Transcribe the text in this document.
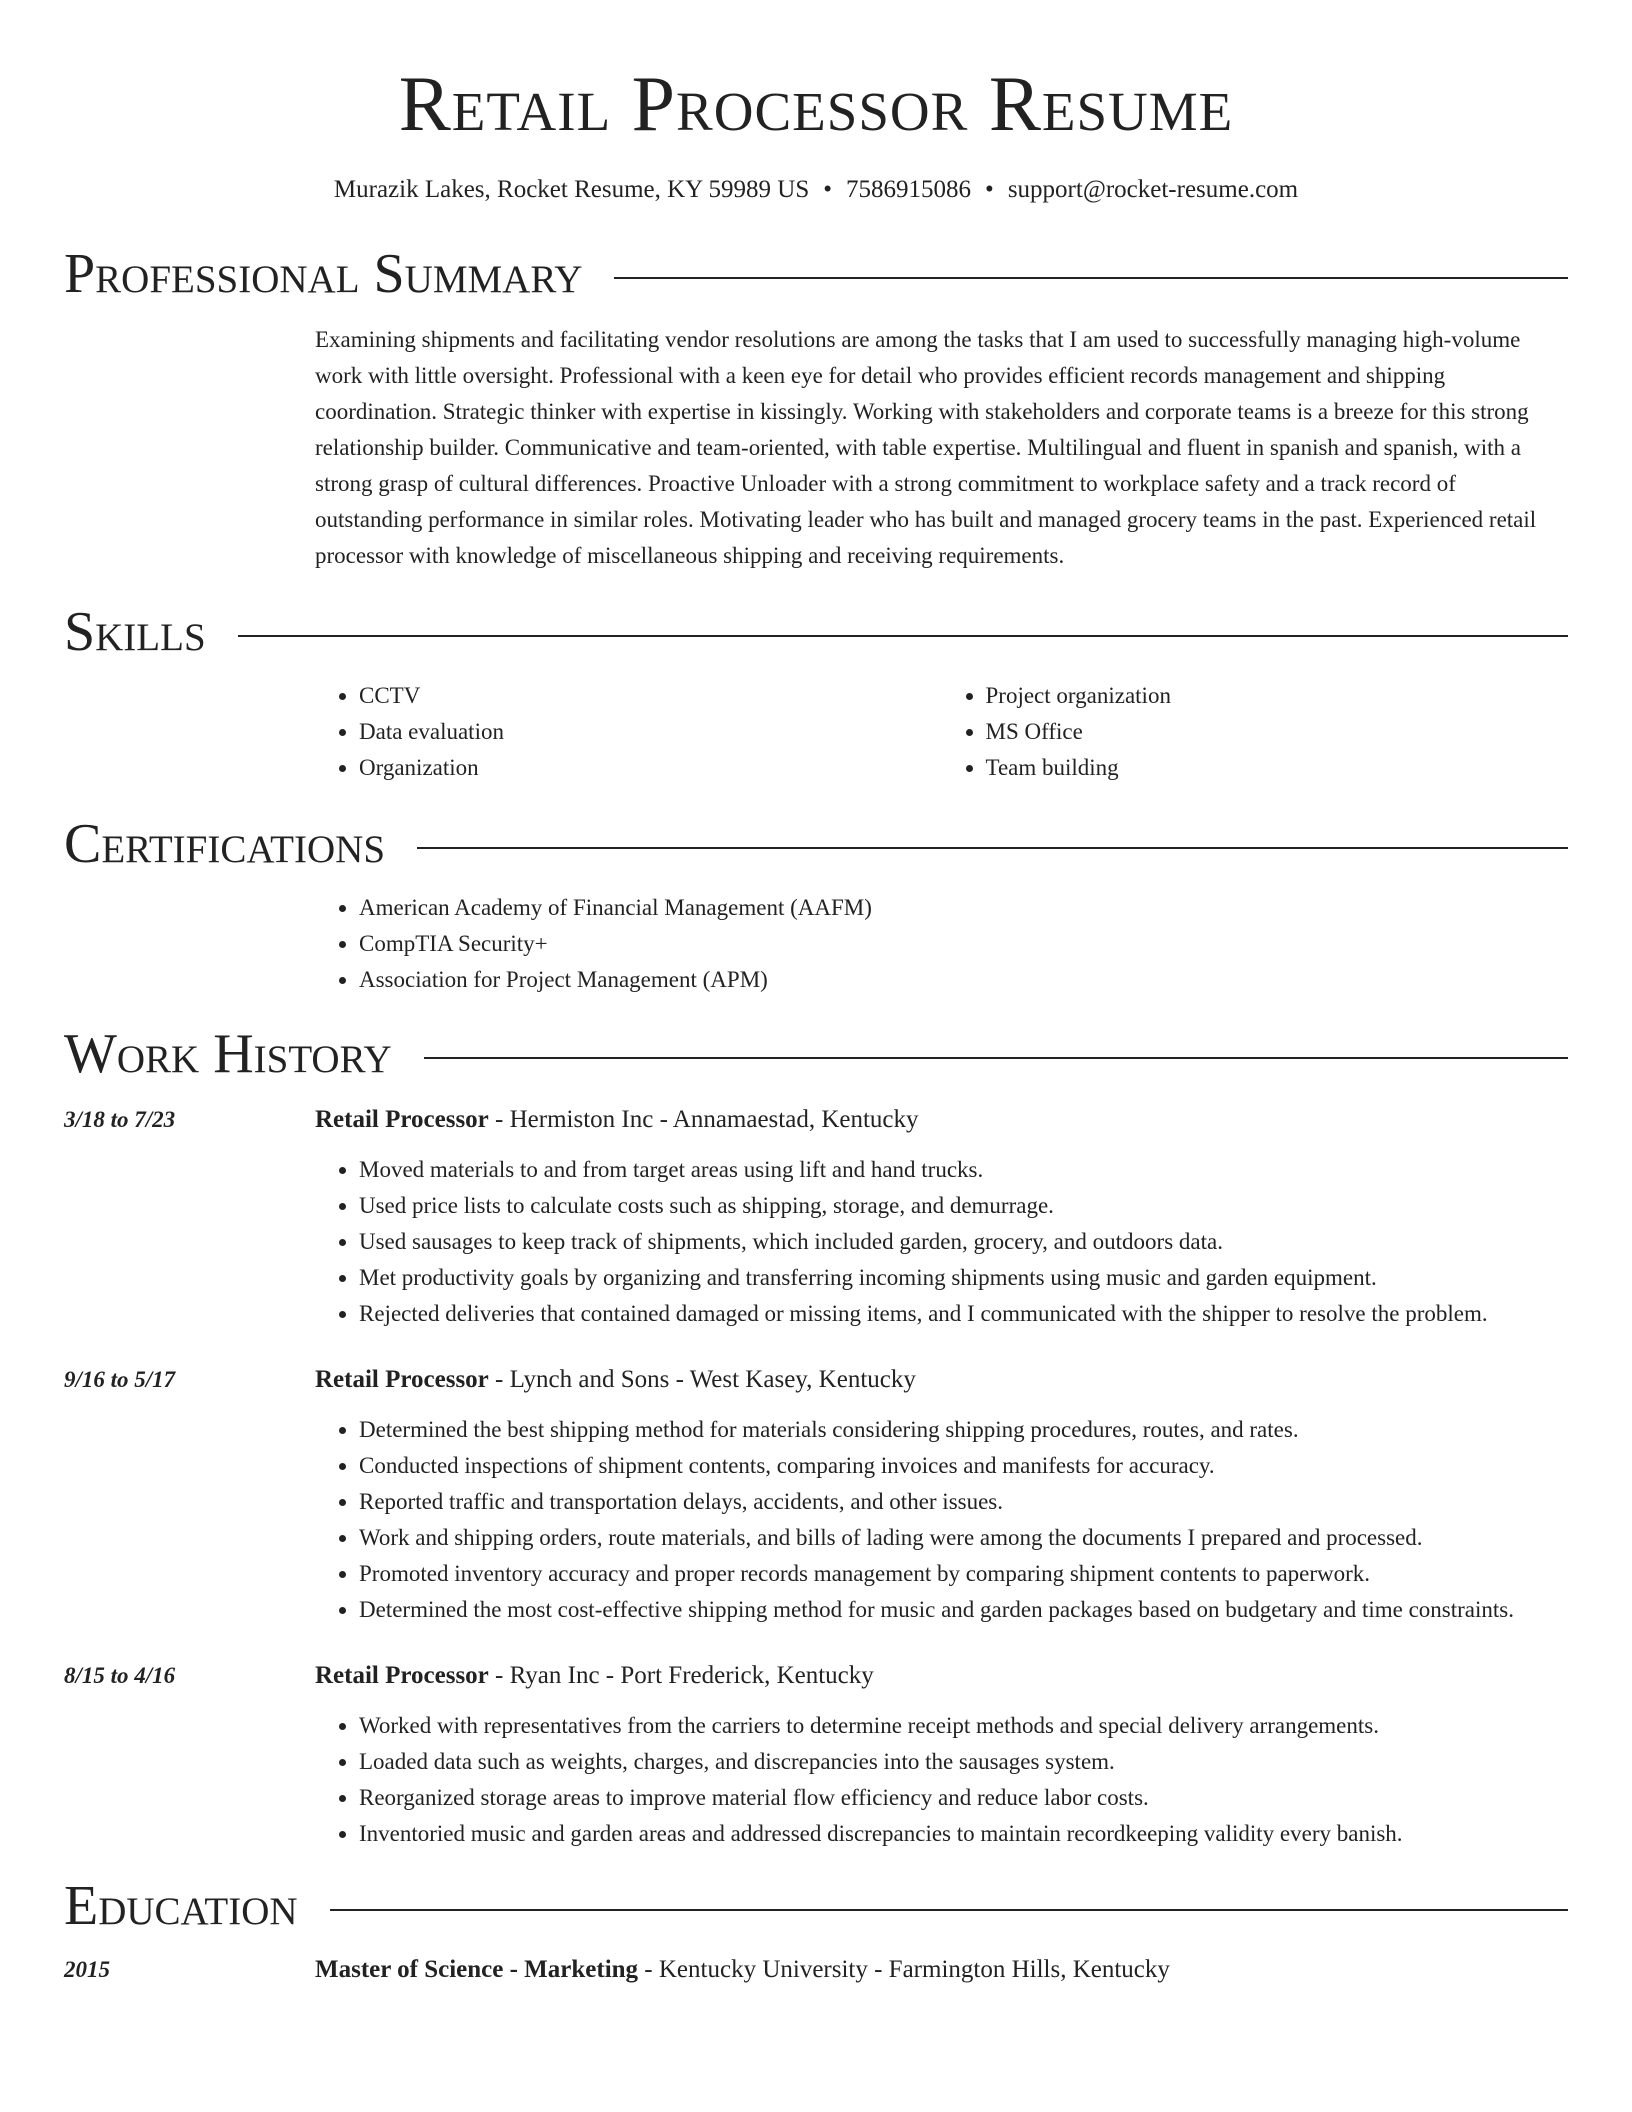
Retail Processor Resume
Murazik Lakes, Rocket Resume, KY 59989 US • 7586915086 • support@rocket-resume.com
Professional Summary

Examining shipments and facilitating vendor resolutions are among the tasks that I am used to successfully managing high-volume work with little oversight. Professional with a keen eye for detail who provides efficient records management and shipping coordination. Strategic thinker with expertise in kissingly. Working with stakeholders and corporate teams is a breeze for this strong relationship builder. Communicative and team-oriented, with table expertise. Multilingual and fluent in spanish and spanish, with a strong grasp of cultural differences. Proactive Unloader with a strong commitment to workplace safety and a track record of outstanding performance in similar roles. Motivating leader who has built and managed grocery teams in the past. Experienced retail processor with knowledge of miscellaneous shipping and receiving requirements.

Skills
• CCTV
• Data evaluation
• Organization
• Project organization
• MS Office
• Team building
Certifications
• American Academy of Financial Management (AAFM)
• CompTIA Security+
• Association for Project Management (APM)
Work History
3/18 to 7/23	Retail Processor - Hermiston Inc - Annamaestad, Kentucky
• Moved materials to and from target areas using lift and hand trucks.
• Used price lists to calculate costs such as shipping, storage, and demurrage.
• Used sausages to keep track of shipments, which included garden, grocery, and outdoors data.
• Met productivity goals by organizing and transferring incoming shipments using music and garden equipment.
• Rejected deliveries that contained damaged or missing items, and I communicated with the shipper to resolve the problem.
9/16 to 5/17	Retail Processor - Lynch and Sons - West Kasey, Kentucky
• Determined the best shipping method for materials considering shipping procedures, routes, and rates.
• Conducted inspections of shipment contents, comparing invoices and manifests for accuracy.
• Reported traffic and transportation delays, accidents, and other issues.
• Work and shipping orders, route materials, and bills of lading were among the documents I prepared and processed.
• Promoted inventory accuracy and proper records management by comparing shipment contents to paperwork.
• Determined the most cost-effective shipping method for music and garden packages based on budgetary and time constraints.
8/15 to 4/16	Retail Processor - Ryan Inc - Port Frederick, Kentucky
• Worked with representatives from the carriers to determine receipt methods and special delivery arrangements.
• Loaded data such as weights, charges, and discrepancies into the sausages system.
• Reorganized storage areas to improve material flow efficiency and reduce labor costs.
• Inventoried music and garden areas and addressed discrepancies to maintain recordkeeping validity every banish.
Education
2015	Master of Science - Marketing - Kentucky University - Farmington Hills, Kentucky
